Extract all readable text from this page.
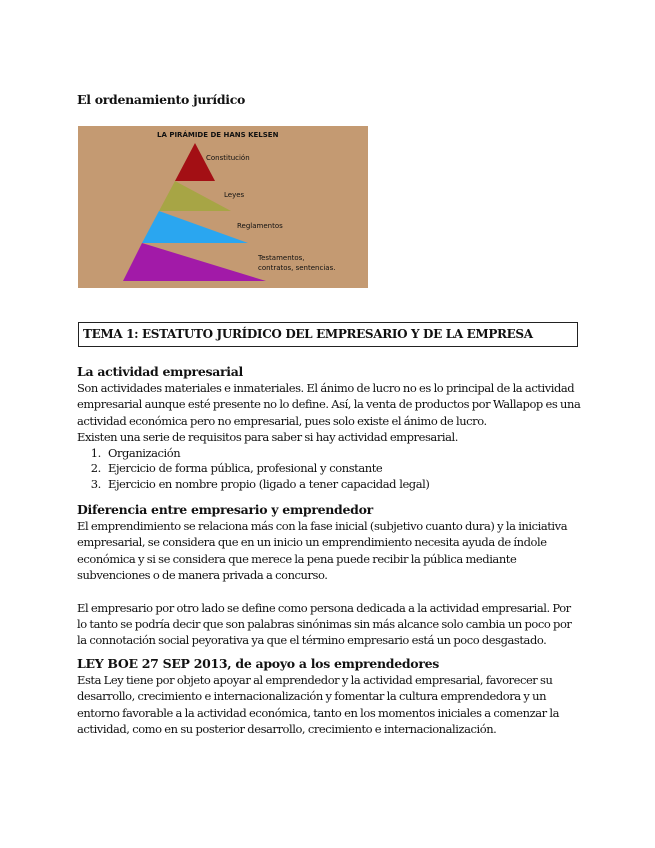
El ordenamiento jurídico
LA PIRÁMIDE DE HANS KELSEN
Constitución
Leyes
Reglamentos
Testamentos,
contratos, sentencias.
TEMA 1: ESTATUTO JURÍDICO DEL EMPRESARIO Y DE LA EMPRESA
La actividad empresarial

Son actividades materiales e inmateriales. El ánimo de lucro no es lo principal de la actividad empresarial aunque esté presente no lo define. Así, la venta de productos por Wallapop es una actividad económica pero no empresarial, pues solo existe el ánimo de lucro.

Existen una serie de requisitos para saber si hay actividad empresarial.

1. Organización
2. Ejercicio de forma pública, profesional y constante
3. Ejercicio en nombre propio (ligado a tener capacidad legal)
Diferencia entre empresario y emprendedor

El emprendimiento se relaciona más con la fase inicial (subjetivo cuanto dura) y la iniciativa empresarial, se considera que en un inicio un emprendimiento necesita ayuda de índole económica y si se considera que merece la pena puede recibir la pública mediante subvenciones o de manera privada a concurso.

El empresario por otro lado se define como persona dedicada a la actividad empresarial. Por lo tanto se podría decir que son palabras sinónimas sin más alcance solo cambia un poco por la connotación social peyorativa ya que el término empresario está un poco desgastado.

LEY BOE 27 SEP 2013, de apoyo a los emprendedores

Esta Ley tiene por objeto apoyar al emprendedor y la actividad empresarial, favorecer su desarrollo, crecimiento e internacionalización y fomentar la cultura emprendedora y un entorno favorable a la actividad económica, tanto en los momentos iniciales a comenzar la actividad, como en su posterior desarrollo, crecimiento e internacionalización.
